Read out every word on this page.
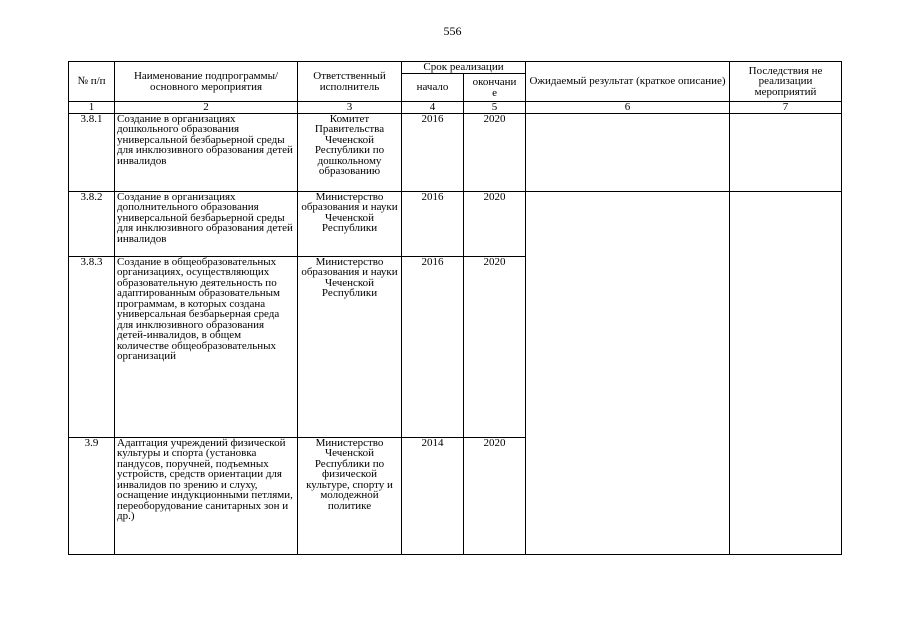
556
№ п/п	Наименование подпрограммы/ основного мероприятия	Ответственный исполнитель	Срок реализации		Ожидаемый результат (краткое описание)	Последствия не реализации мероприятий
			начало	окончани
е		
1	2	3	4	5	6	7
3.8.1	Создание в организациях дошкольного образования универсальной безбарьерной среды для инклюзивного образования детей инвалидов	Комитет Правительства Чеченской Республики по дошкольному образованию	2016	2020		
3.8.2	Создание в организациях дополнительного образования универсальной безбарьерной среды для инклюзивного образования детей инвалидов	Министерство образования и науки Чеченской Республики	2016	2020		
3.8.3	Создание в общеобразовательных организациях, осуществляющих образовательную деятельность по адаптированным образовательным программам, в которых создана универсальная безбарьерная среда для инклюзивного образования детей-инвалидов, в общем количестве общеобразовательных организаций	Министерство образования и науки Чеченской Республики	2016	2020		
3.9	Адаптация учреждений физической культуры и спорта (установка пандусов, поручней, подъемных устройств, средств ориентации для инвалидов по зрению и слуху, оснащение индукционными петлями, переоборудование санитарных зон и др.)	Министерство Чеченской Республики по физической культуре, спорту и молодежной политике	2014	2020		
